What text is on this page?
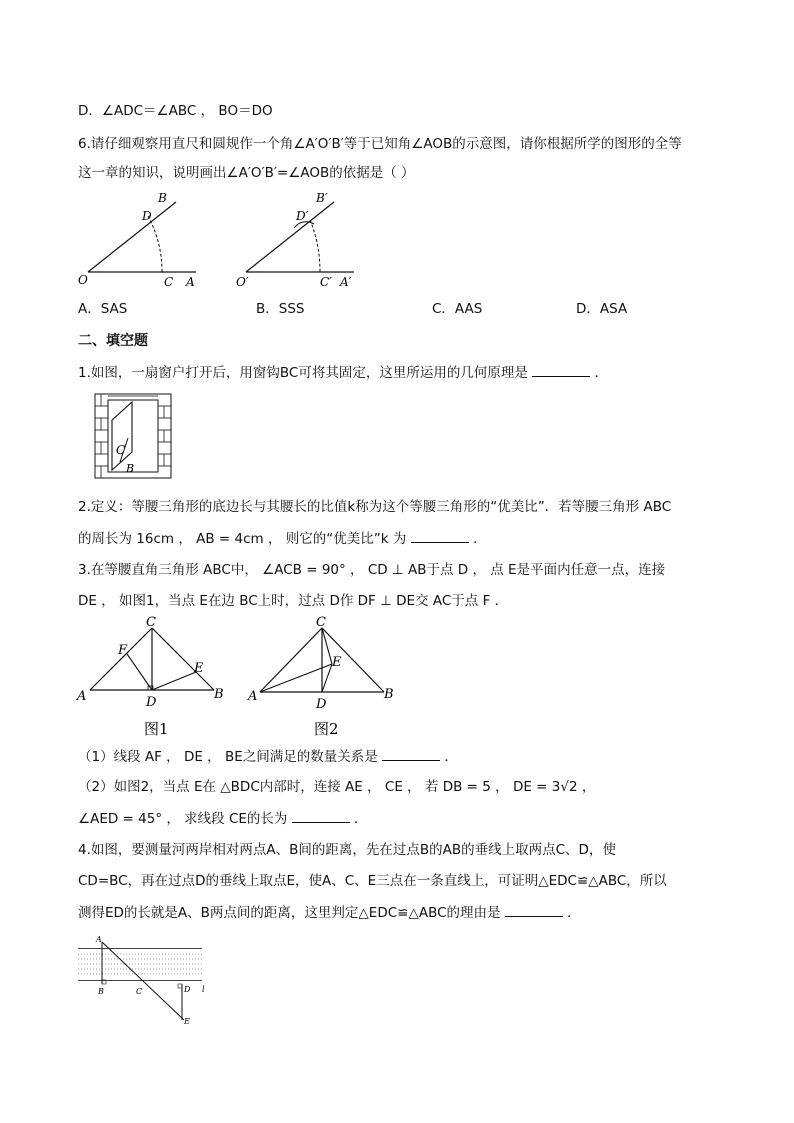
D．∠ADC＝∠ABC ， BO＝DO
6.请仔细观察用直尺和圆规作一个角∠A′O′B′等于已知角∠AOB的示意图，请你根据所学的图形的全等
这一章的知识，说明画出∠A′O′B′=∠AOB的依据是（ ）
B
D
O	C A
B′
D′
O′	C′ A′
A．SAS	B．SSS	C．AAS	D．ASA
二、填空题
1.如图，一扇窗户打开后，用窗钩BC可将其固定，这里所运用的几何原理是	．
C
B
2.定义：等腰三角形的底边长与其腰长的比值k称为这个等腰三角形的“优美比”．若等腰三角形 ABC
的周长为 16cm ， AB = 4cm ， 则它的“优美比”k 为	．
3.在等腰直角三角形 ABC中， ∠ACB = 90° ， CD ⊥ AB于点 D ， 点 E是平面内任意一点，连接
DE ， 如图1，当点 E在边 BC上时，过点 D作 DF ⊥ DE交 AC于点 F ．
C
F
E
A	D
B
图1
C
E
A
D
B
图2
（1）线段 AF ， DE ， BE之间满足的数量关系是	．
（2）如图2，当点 E在 △BDC内部时，连接 AE ， CE ， 若 DB = 5 ， DE = 3√2 ，
∠AED = 45° ， 求线段 CE的长为	．
4.如图，要测量河两岸相对两点A、B间的距离，先在过点B的AB的垂线上取两点C、D，使
CD=BC，再在过点D的垂线上取点E，使A、C、E三点在一条直线上，可证明△EDC≌△ABC，所以
测得ED的长就是A、B两点间的距离，这里判定△EDC≌△ABC的理由是	．
A
B	C	D
E
l
